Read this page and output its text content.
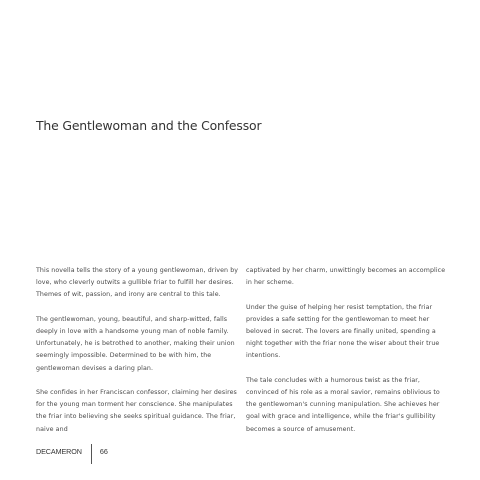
The Gentlewoman and the Confessor

This novella tells the story of a young gentlewoman, driven by love, who cleverly outwits a gullible friar to fulfill her desires. Themes of wit, passion, and irony are central to this tale.

The gentlewoman, young, beautiful, and sharp-witted, falls deeply in love with a handsome young man of noble family. Unfortunately, he is betrothed to another, making their union seemingly impossible. Determined to be with him, the gentlewoman devises a daring plan.

She confides in her Franciscan confessor, claiming her desires for the young man torment her conscience. She manipulates the friar into believing she seeks spiritual guidance. The friar, naive and

captivated by her charm, unwittingly becomes an accomplice in her scheme.

Under the guise of helping her resist temptation, the friar provides a safe setting for the gentlewoman to meet her beloved in secret. The lovers are finally united, spending a night together with the friar none the wiser about their true intentions.

The tale concludes with a humorous twist as the friar, convinced of his role as a moral savior, remains oblivious to the gentlewoman's cunning manipulation. She achieves her goal with grace and intelligence, while the friar's gullibility becomes a source of amusement.

DECAMERON	66
